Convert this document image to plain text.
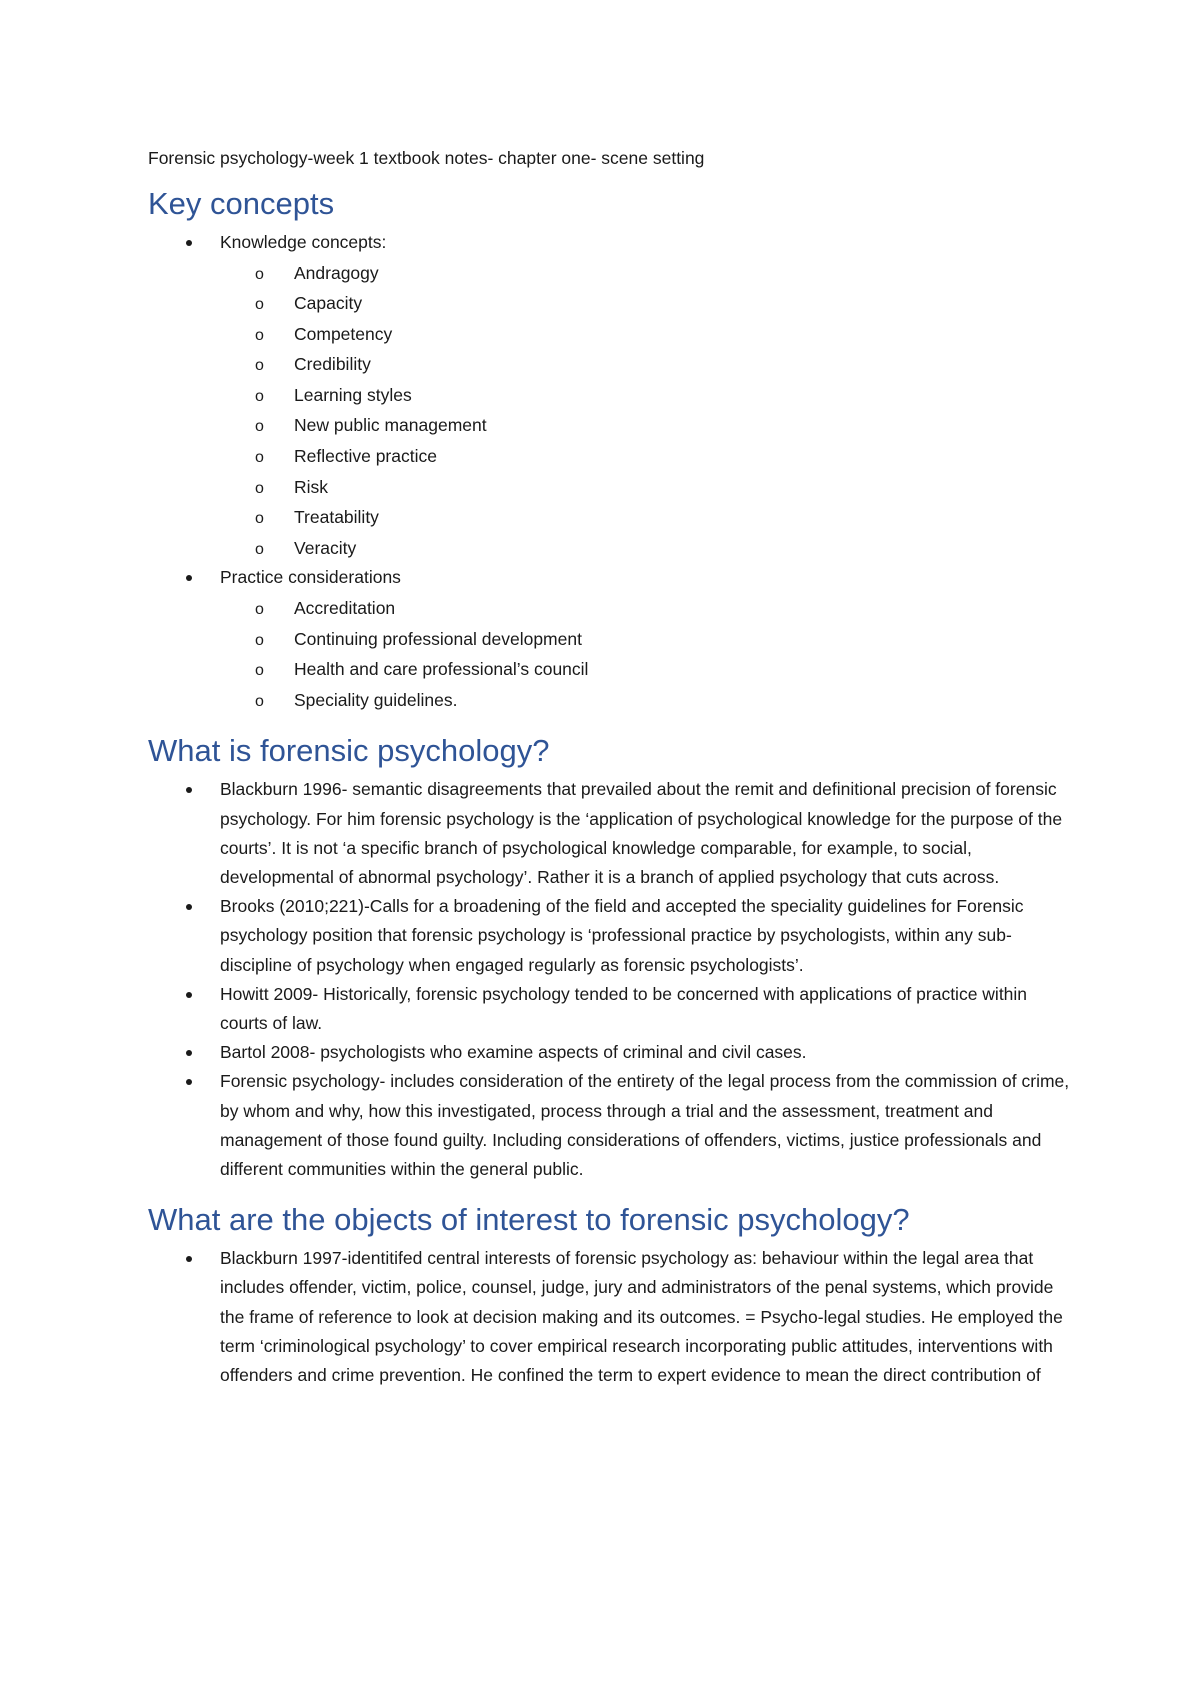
Forensic psychology-week 1 textbook notes- chapter one- scene setting
Key concepts
Knowledge concepts:
o Andragogy
o Capacity
o Competency
o Credibility
o Learning styles
o New public management
o Reflective practice
o Risk
o Treatability
o Veracity
Practice considerations
o Accreditation
o Continuing professional development
o Health and care professional’s council
o Speciality guidelines.
What is forensic psychology?
Blackburn 1996- semantic disagreements that prevailed about the remit and definitional precision of forensic psychology. For him forensic psychology is the ‘application of psychological knowledge for the purpose of the courts’. It is not ‘a specific branch of psychological knowledge comparable, for example, to social, developmental of abnormal psychology’. Rather it is a branch of applied psychology that cuts across.
Brooks (2010;221)-Calls for a broadening of the field and accepted the speciality guidelines for Forensic psychology position that forensic psychology is ‘professional practice by psychologists, within any sub-discipline of psychology when engaged regularly as forensic psychologists’.
Howitt 2009- Historically, forensic psychology tended to be concerned with applications of practice within courts of law.
Bartol 2008- psychologists who examine aspects of criminal and civil cases.
Forensic psychology- includes consideration of the entirety of the legal process from the commission of crime, by whom and why, how this investigated, process through a trial and the assessment, treatment and management of those found guilty. Including considerations of offenders, victims, justice professionals and different communities within the general public.
What are the objects of interest to forensic psychology?
Blackburn 1997-identitifed central interests of forensic psychology as: behaviour within the legal area that includes offender, victim, police, counsel, judge, jury and administrators of the penal systems, which provide the frame of reference to look at decision making and its outcomes. = Psycho-legal studies. He employed the term ‘criminological psychology’ to cover empirical research incorporating public attitudes, interventions with offenders and crime prevention. He confined the term to expert evidence to mean the direct contribution of
